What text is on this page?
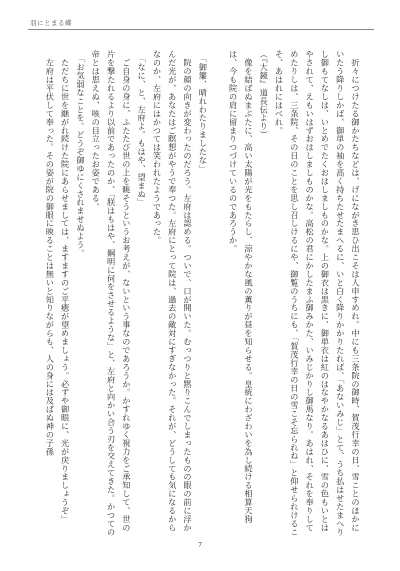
羽にとまる蝶

　折々につけたる御かたちなどは、げにながき思ひ出こそは人申すめれ。中にも三条院の御時、賀茂行幸の日、雪ことのほかにいたう降りしかば、御単の袖を高く持ちたせたまへるに、いと白く降りかかりたれば、「あないみじ」とて、うち払はせたまへりし御もてなしは、いとめでたくおはしましものかな。上の御衣は黒きに、御単衣は紅のはなやかなるあはひに、雪の色もいとはやされて、えもいはずおはしましものかな。高松の君にかしたまふ御みかた、いみじかりし御馬なり。あはれ、それを奉りしてめたりしは、三条院、その日のことを思し召しけるにや、御覧のうちにも、「賀茂行幸の日の雪こそ忘られね」と仰せられけるこそ、あはれにはべれ。

（『大鏡』道長伝より）

　像を結ばぬまぶたに、高い太陽が光をもたらし、涼やかな風の薫りが昼を知らせる。皇統にわざわいを為し続ける相算天狗は、今も院の肩に留まりつづけているのであろうか。

　「御簾、晴れわたりましたな」

　院の顔の向きが変わったのだろう。左府は認める。ついで、口が開いた。むっつりと黙りこんでしまったものの眼の前に浮かんだ光が、あなたはご瞑想がやうで奉つた。左府にとって院は、過去の敵対にすぎなかった。それが、どうしても気になるからなのか、左府にはかつては笑われたようであった。

　「なに、と、左府よ。もはや、望まぬ」

　ご自身の身に、ふたたび世の上を眺そうというお考えが、ないという事なのであろうか。かすれゆく視力をご承知して、世の片を撃たれるより以前であったのか、「朕はもはや、鋼明に何をさせるような」と、左府と向かい合う刃を交えてきた。かつての帝とは思えぬ、咳の目立ったお姿である。

　「お気弱なことを。どうぞ御ゆにくされませぬよう。

　ただちに世を継がれ続けた院にあらせましては、ますますのご平癒が望めましょう。必ずや御眼に、光が戻りましょうぞ」

　左府は平伏して奉った。その姿が院の御眼に映ることは無いと知りながらも、人の身には及ばぬ神の子孫

7
